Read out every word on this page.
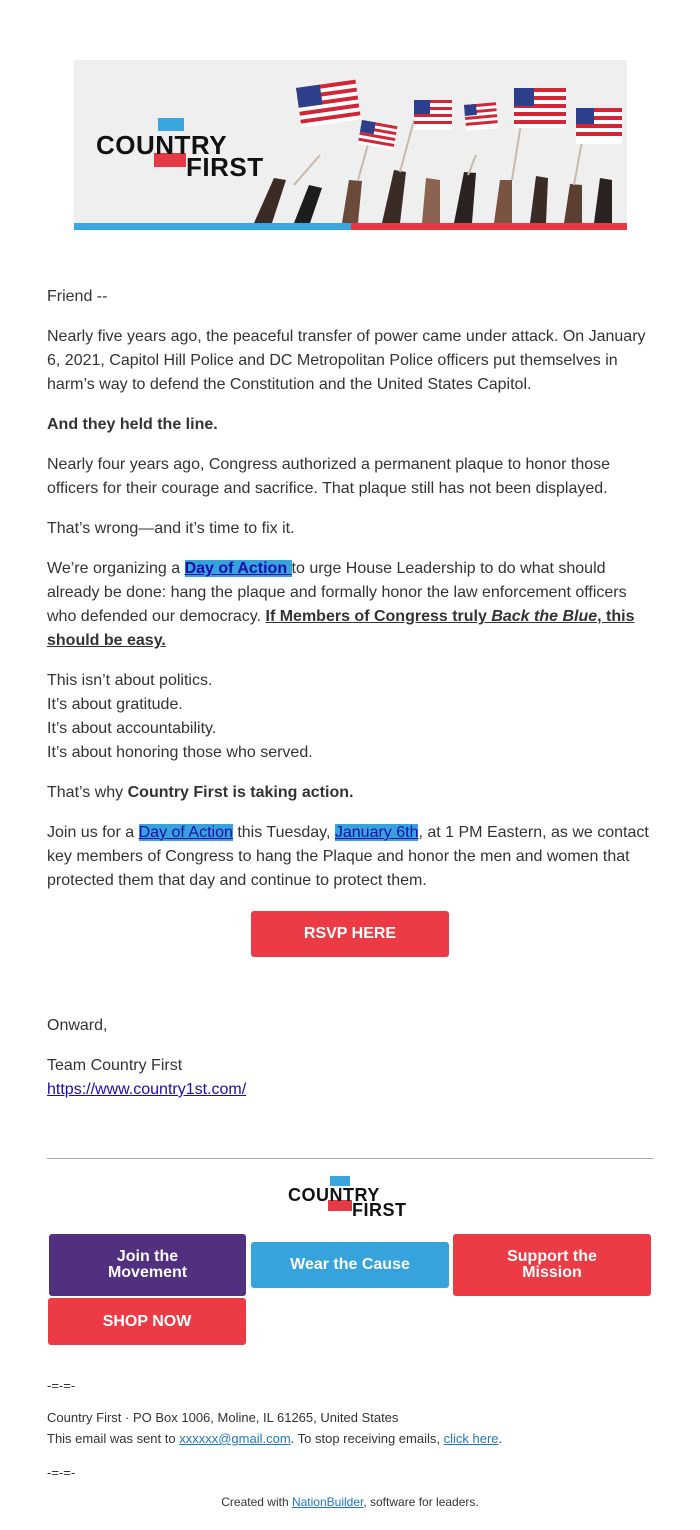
COUNTRY
FIRST

Friend --

Nearly five years ago, the peaceful transfer of power came under attack. On January 6, 2021, Capitol Hill Police and DC Metropolitan Police officers put themselves in harm’s way to defend the Constitution and the United States Capitol.

And they held the line.

Nearly four years ago, Congress authorized a permanent plaque to honor those officers for their courage and sacrifice. That plaque still has not been displayed.

That’s wrong—and it’s time to fix it.

We’re organizing a Day of Action to urge House Leadership to do what should already be done: hang the plaque and formally honor the law enforcement officers who defended our democracy. If Members of Congress truly Back the Blue, this should be easy.

This isn’t about politics.
It’s about gratitude.
It’s about accountability.
It’s about honoring those who served.

That’s why Country First is taking action.

Join us for a Day of Action this Tuesday, January 6th, at 1 PM Eastern, as we contact key members of Congress to hang the Plaque and honor the men and women that protected them that day and continue to protect them.

RSVP HERE

Onward,

Team Country First
https://www.country1st.com/

COUNTRY
FIRST
Join the Movement	Wear the Cause	Support the Mission
SHOP NOW
-=-=-
Country First · PO Box 1006, Moline, IL 61265, United States
This email was sent to xxxxxx@gmail.com. To stop receiving emails, click here.
-=-=-
Created with NationBuilder, software for leaders.
